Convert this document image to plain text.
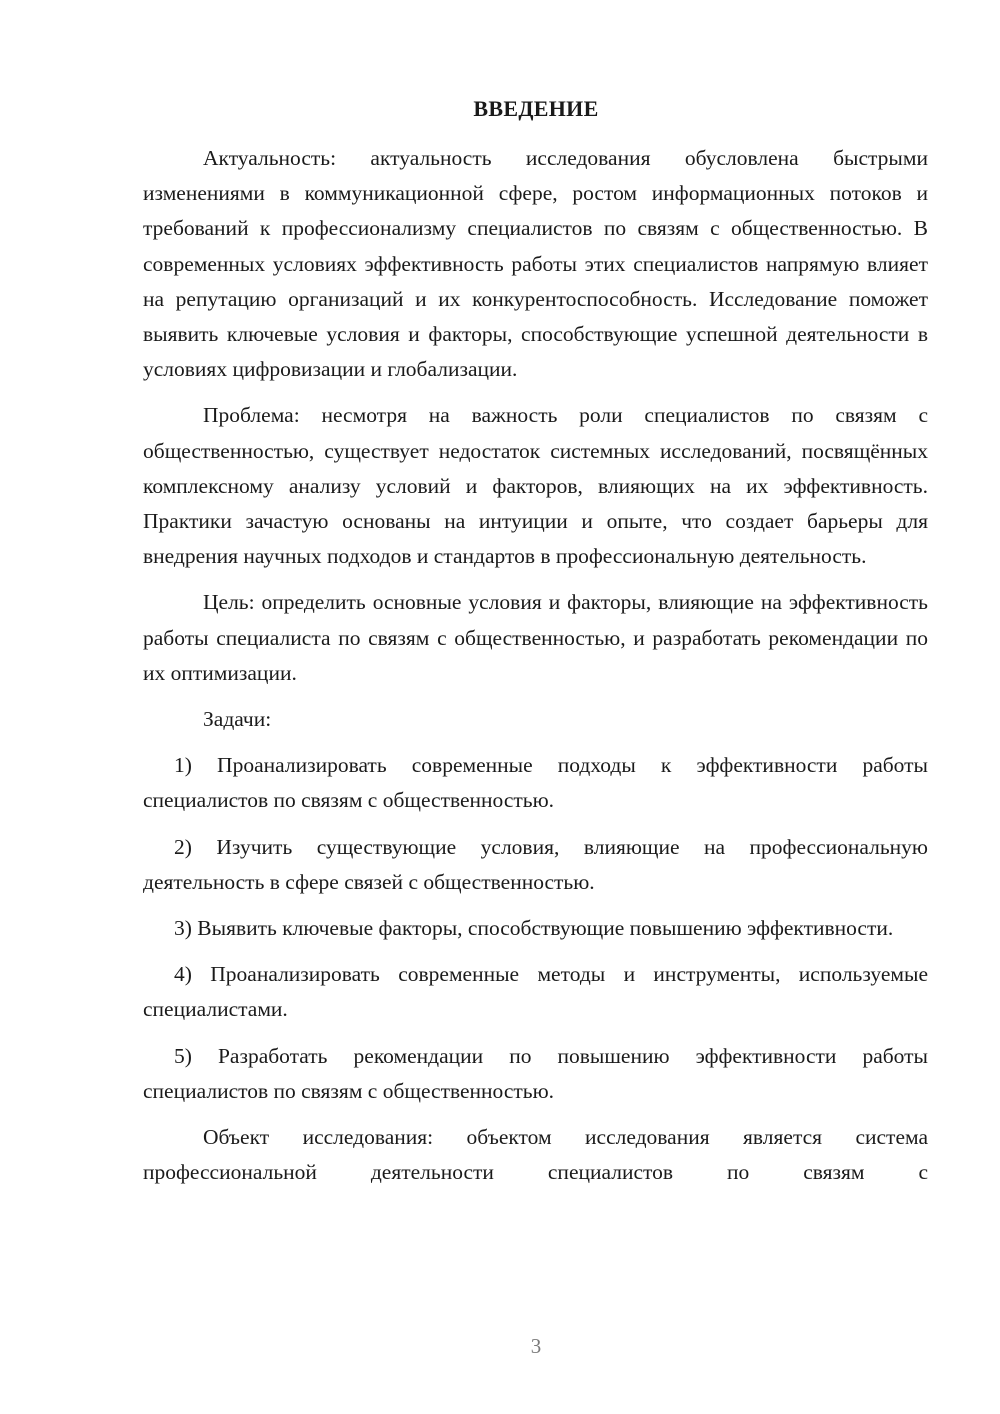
ВВЕДЕНИЕ

Актуальность: актуальность исследования обусловлена быстрыми изменениями в коммуникационной сфере, ростом информационных потоков и требований к профессионализму специалистов по связям с общественностью. В современных условиях эффективность работы этих специалистов напрямую влияет на репутацию организаций и их конкурентоспособность. Исследование поможет выявить ключевые условия и факторы, способствующие успешной деятельности в условиях цифровизации и глобализации.

Проблема: несмотря на важность роли специалистов по связям с общественностью, существует недостаток системных исследований, посвящённых комплексному анализу условий и факторов, влияющих на их эффективность. Практики зачастую основаны на интуиции и опыте, что создает барьеры для внедрения научных подходов и стандартов в профессиональную деятельность.

Цель: определить основные условия и факторы, влияющие на эффективность работы специалиста по связям с общественностью, и разработать рекомендации по их оптимизации.

Задачи:

1) Проанализировать современные подходы к эффективности работы специалистов по связям с общественностью.

2) Изучить существующие условия, влияющие на профессиональную деятельность в сфере связей с общественностью.

3) Выявить ключевые факторы, способствующие повышению эффективности.

4) Проанализировать современные методы и инструменты, используемые специалистами.

5) Разработать рекомендации по повышению эффективности работы специалистов по связям с общественностью.

Объект исследования: объектом исследования является система профессиональной деятельности специалистов по связям с

3
